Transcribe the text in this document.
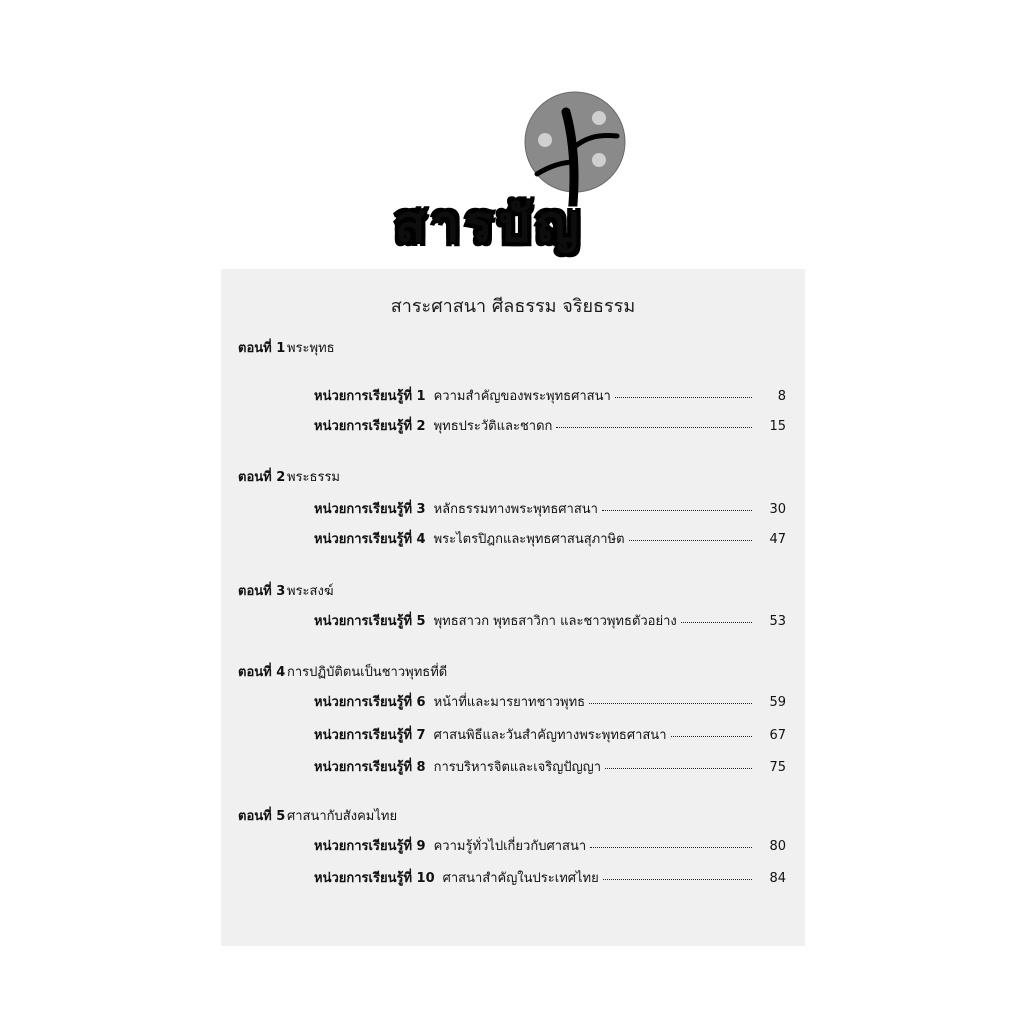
สารบัญ
สาระศาสนา ศีลธรรม จริยธรรม
ตอนที่ 1 พระพุทธ
หน่วยการเรียนรู้ที่ 1 ความสำคัญของพระพุทธศาสนา	8
หน่วยการเรียนรู้ที่ 2 พุทธประวัติและชาดก	15
ตอนที่ 2 พระธรรม
หน่วยการเรียนรู้ที่ 3 หลักธรรมทางพระพุทธศาสนา	30
หน่วยการเรียนรู้ที่ 4 พระไตรปิฎกและพุทธศาสนสุภาษิต	47
ตอนที่ 3 พระสงฆ์
หน่วยการเรียนรู้ที่ 5 พุทธสาวก พุทธสาวิกา และชาวพุทธตัวอย่าง	53
ตอนที่ 4 การปฏิบัติตนเป็นชาวพุทธที่ดี
หน่วยการเรียนรู้ที่ 6 หน้าที่และมารยาทชาวพุทธ	59
หน่วยการเรียนรู้ที่ 7 ศาสนพิธีและวันสำคัญทางพระพุทธศาสนา	67
หน่วยการเรียนรู้ที่ 8 การบริหารจิตและเจริญปัญญา	75
ตอนที่ 5 ศาสนากับสังคมไทย
หน่วยการเรียนรู้ที่ 9 ความรู้ทั่วไปเกี่ยวกับศาสนา	80
หน่วยการเรียนรู้ที่ 10 ศาสนาสำคัญในประเทศไทย	84
